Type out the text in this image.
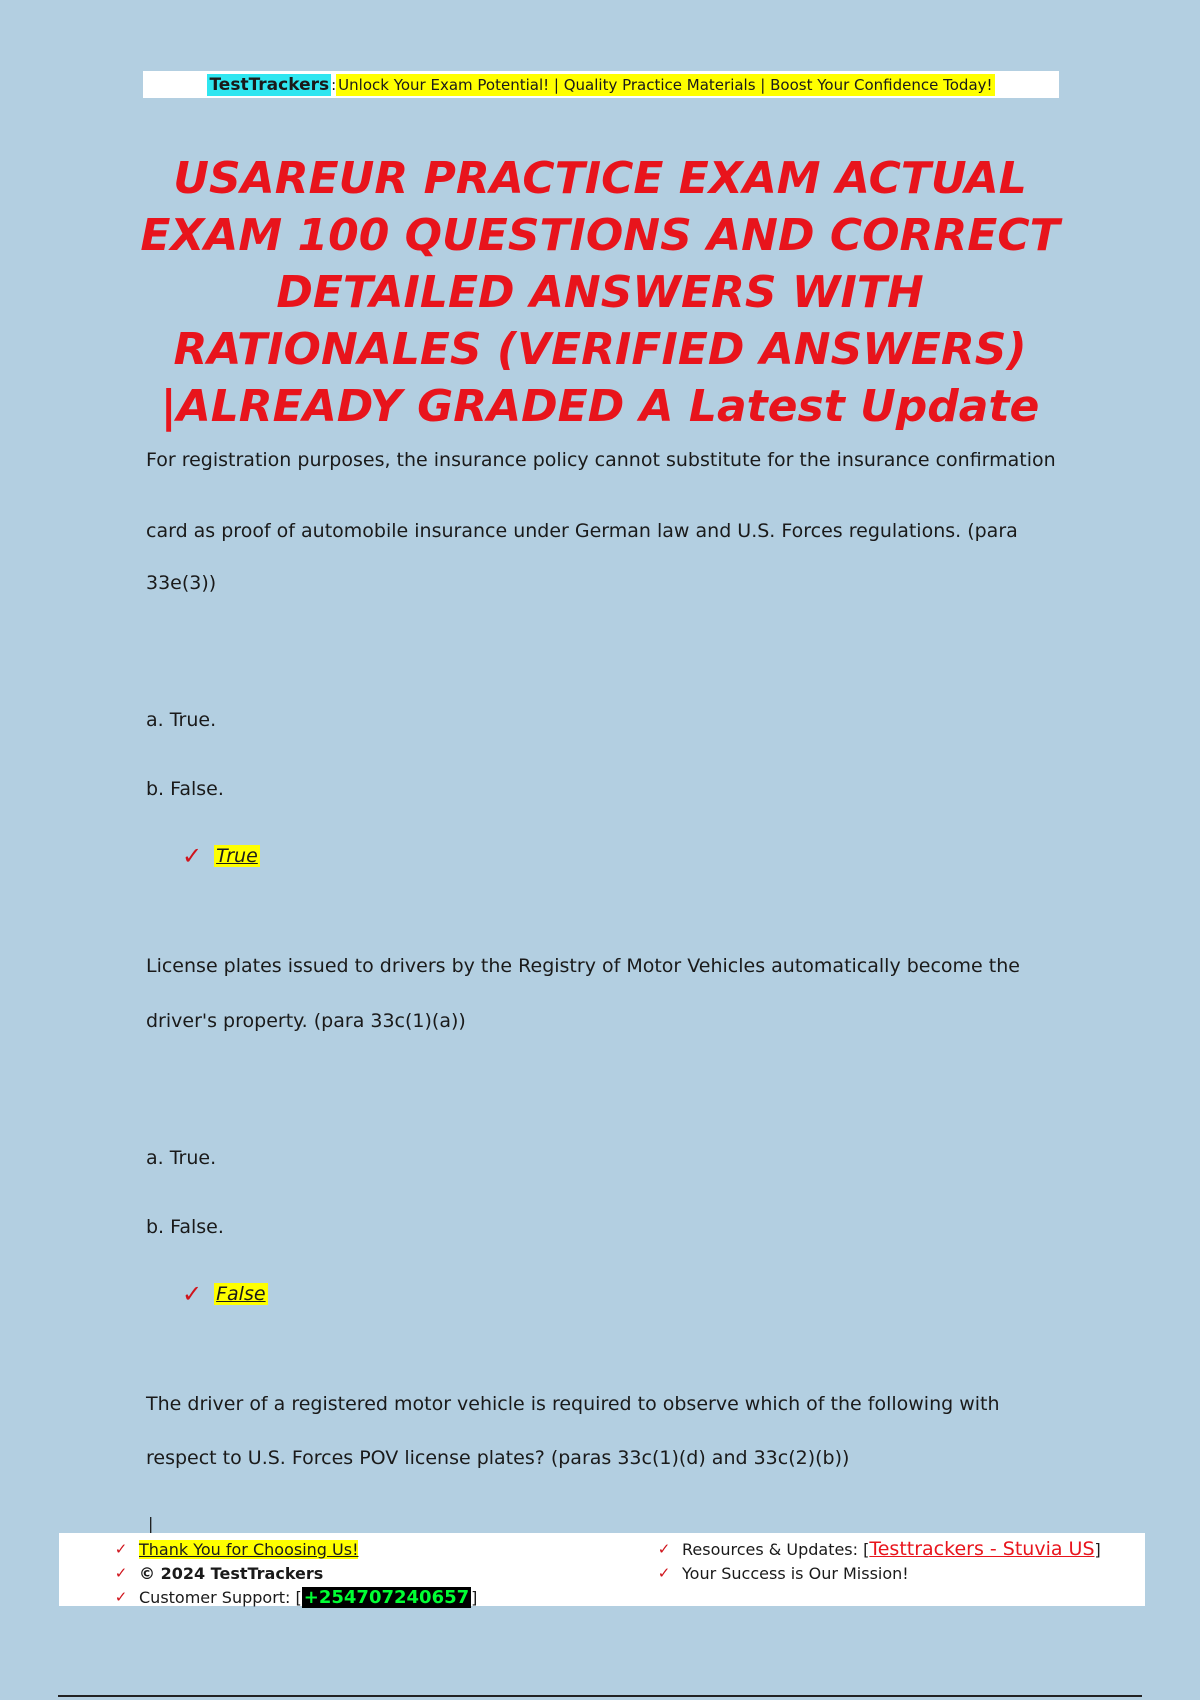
TestTrackers : Unlock Your Exam Potential! | Quality Practice Materials | Boost Your Confidence Today!
USAREUR PRACTICE EXAM ACTUAL EXAM 100 QUESTIONS AND CORRECT DETAILED ANSWERS WITH RATIONALES (VERIFIED ANSWERS) |ALREADY GRADED A Latest Update
For registration purposes, the insurance policy cannot substitute for the insurance confirmation
card as proof of automobile insurance under German law and U.S. Forces regulations. (para
33e(3))
a. True.
b. False.
✓ True
License plates issued to drivers by the Registry of Motor Vehicles automatically become the
driver's property. (para 33c(1)(a))
a. True.
b. False.
✓ False
The driver of a registered motor vehicle is required to observe which of the following with
respect to U.S. Forces POV license plates? (paras 33c(1)(d) and 33c(2)(b))
|
✓ Thank You for Choosing Us!
✓ © 2024 TestTrackers
✓ Customer Support: [ +254707240657 ]
✓ Resources & Updates: [ Testtrackers - Stuvia US ]
✓ Your Success is Our Mission!
